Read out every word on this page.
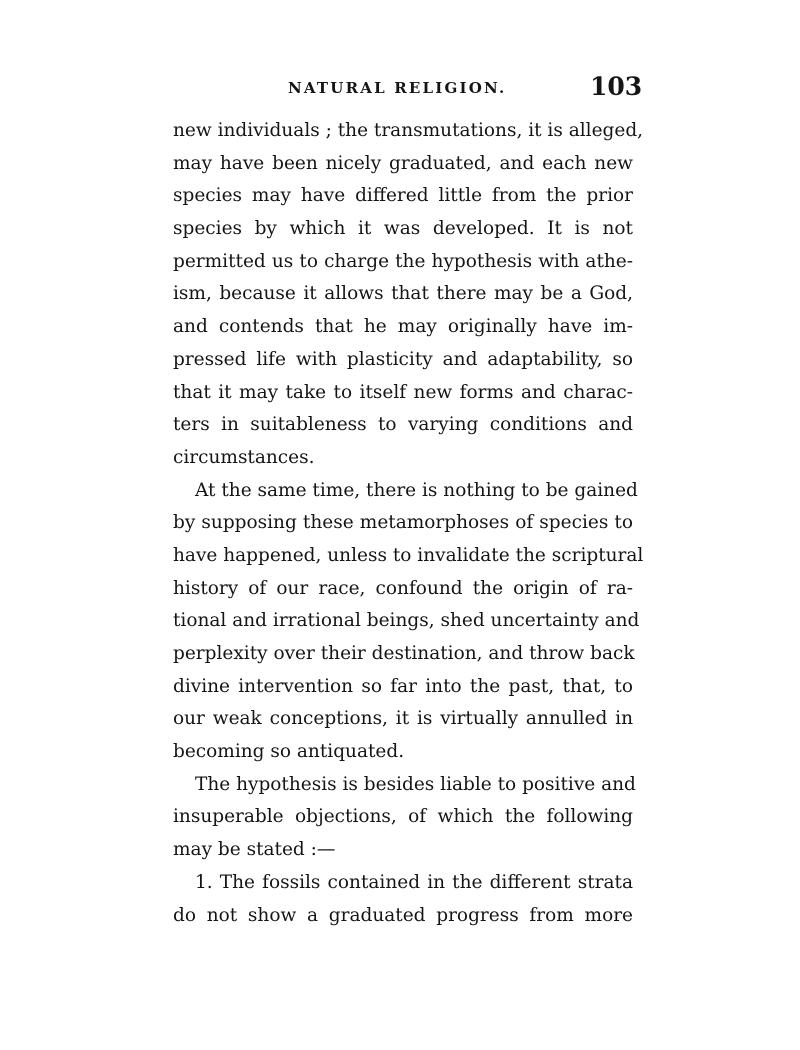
NATURAL RELIGION.	103
new individuals ; the transmutations, it is alleged,
may have been nicely graduated, and each new
species may have differed little from the prior
species by which it was developed. It is not
permitted us to charge the hypothesis with athe-
ism, because it allows that there may be a God,
and contends that he may originally have im-
pressed life with plasticity and adaptability, so
that it may take to itself new forms and charac-
ters in suitableness to varying conditions and
circumstances.
At the same time, there is nothing to be gained
by supposing these metamorphoses of species to
have happened, unless to invalidate the scriptural
history of our race, confound the origin of ra-
tional and irrational beings, shed uncertainty and
perplexity over their destination, and throw back
divine intervention so far into the past, that, to
our weak conceptions, it is virtually annulled in
becoming so antiquated.
The hypothesis is besides liable to positive and
insuperable objections, of which the following
may be stated :—
1. The fossils contained in the different strata
do not show a graduated progress from more
